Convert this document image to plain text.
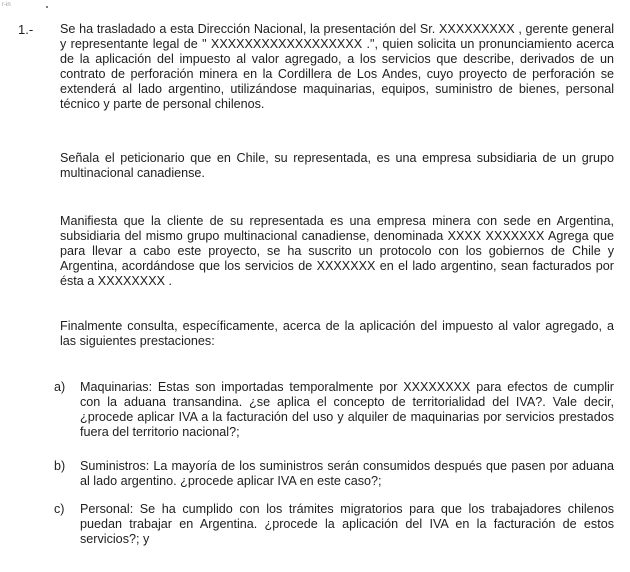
r-in
1.- Se ha trasladado a esta Dirección Nacional, la presentación del Sr. XXXXXXXXX , gerente general y representante legal de " XXXXXXXXXXXXXXXXXX .", quien solicita un pronunciamiento acerca de la aplicación del impuesto al valor agregado, a los servicios que describe, derivados de un contrato de perforación minera en la Cordillera de Los Andes, cuyo proyecto de perforación se extenderá al lado argentino, utilizándose maquinarias, equipos, suministro de bienes, personal técnico y parte de personal chilenos.

Señala el peticionario que en Chile, su representada, es una empresa subsidiaria de un grupo multinacional canadiense.

Manifiesta que la cliente de su representada es una empresa minera con sede en Argentina, subsidiaria del mismo grupo multinacional canadiense, denominada XXXX XXXXXXX Agrega que para llevar a cabo este proyecto, se ha suscrito un protocolo con los gobiernos de Chile y Argentina, acordándose que los servicios de XXXXXXX en el lado argentino, sean facturados por ésta a XXXXXXXX .

Finalmente consulta, específicamente, acerca de la aplicación del impuesto al valor agregado, a las siguientes prestaciones:

a)	Maquinarias: Estas son importadas temporalmente por XXXXXXXX para efectos de cumplir con la aduana transandina. ¿se aplica el concepto de territorialidad del IVA?. Vale decir, ¿procede aplicar IVA a la facturación del uso y alquiler de maquinarias por servicios prestados fuera del territorio nacional?;
b)	Suministros: La mayoría de los suministros serán consumidos después que pasen por aduana al lado argentino. ¿procede aplicar IVA en este caso?;
c)	Personal: Se ha cumplido con los trámites migratorios para que los trabajadores chilenos puedan trabajar en Argentina. ¿procede la aplicación del IVA en la facturación de estos servicios?; y
